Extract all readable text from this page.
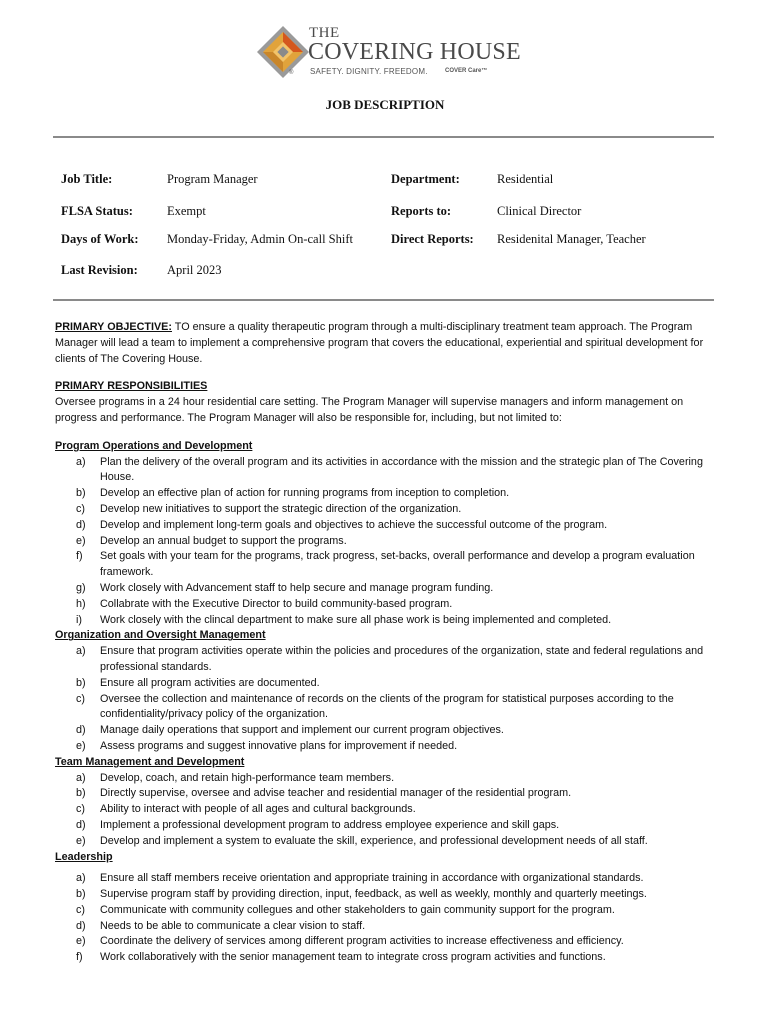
®
THE
COVERING HOUSE
SAFETY. DIGNITY. FREEDOM.	COVER Care™
JOB DESCRIPTION
Job Title:	Program Manager	Department:	Residential
FLSA Status:	Exempt	Reports to:	Clinical Director
Days of Work: Monday-Friday, Admin On-call Shift	Direct Reports: Residenital Manager, Teacher
Last Revision: April 2023

PRIMARY OBJECTIVE: TO ensure a quality therapeutic program through a multi-disciplinary treatment team approach. The Program Manager will lead a team to implement a comprehensive program that covers the educational, experiential and spiritual development for clients of The Covering House.

PRIMARY RESPONSIBILITIES

Oversee programs in a 24 hour residential care setting. The Program Manager will supervise managers and inform management on progress and performance. The Program Manager will also be responsible for, including, but not limited to:

Program Operations and Development

a) Plan the delivery of the overall program and its activities in accordance with the mission and the strategic plan of The Covering House.
b) Develop an effective plan of action for running programs from inception to completion.
c) Develop new initiatives to support the strategic direction of the organization.
d) Develop and implement long-term goals and objectives to achieve the successful outcome of the program.
e) Develop an annual budget to support the programs.
f) Set goals with your team for the programs, track progress, set-backs, overall performance and develop a program evaluation framework.
g) Work closely with Advancement staff to help secure and manage program funding.
h) Collabrate with the Executive Director to build community-based program.
i) Work closely with the clincal department to make sure all phase work is being implemented and completed.

Organization and Oversight Management

a) Ensure that program activities operate within the policies and procedures of the organization, state and federal regulations and professional standards.
b) Ensure all program activities are documented.
c) Oversee the collection and maintenance of records on the clients of the program for statistical purposes according to the confidentiality/privacy policy of the organization.
d) Manage daily operations that support and implement our current program objectives.
e) Assess programs and suggest innovative plans for improvement if needed.

Team Management and Development

a) Develop, coach, and retain high-performance team members.
b) Directly supervise, oversee and advise teacher and residential manager of the residential program.
c) Ability to interact with people of all ages and cultural backgrounds.
d) Implement a professional development program to address employee experience and skill gaps.
e) Develop and implement a system to evaluate the skill, experience, and professional development needs of all staff.

Leadership

a) Ensure all staff members receive orientation and appropriate training in accordance with organizational standards.
b) Supervise program staff by providing direction, input, feedback, as well as weekly, monthly and quarterly meetings.
c) Communicate with community collegues and other stakeholders to gain community support for the program.
d) Needs to be able to communicate a clear vision to staff.
e) Coordinate the delivery of services among different program activities to increase effectiveness and efficiency.
f) Work collaboratively with the senior management team to integrate cross program activities and functions.
